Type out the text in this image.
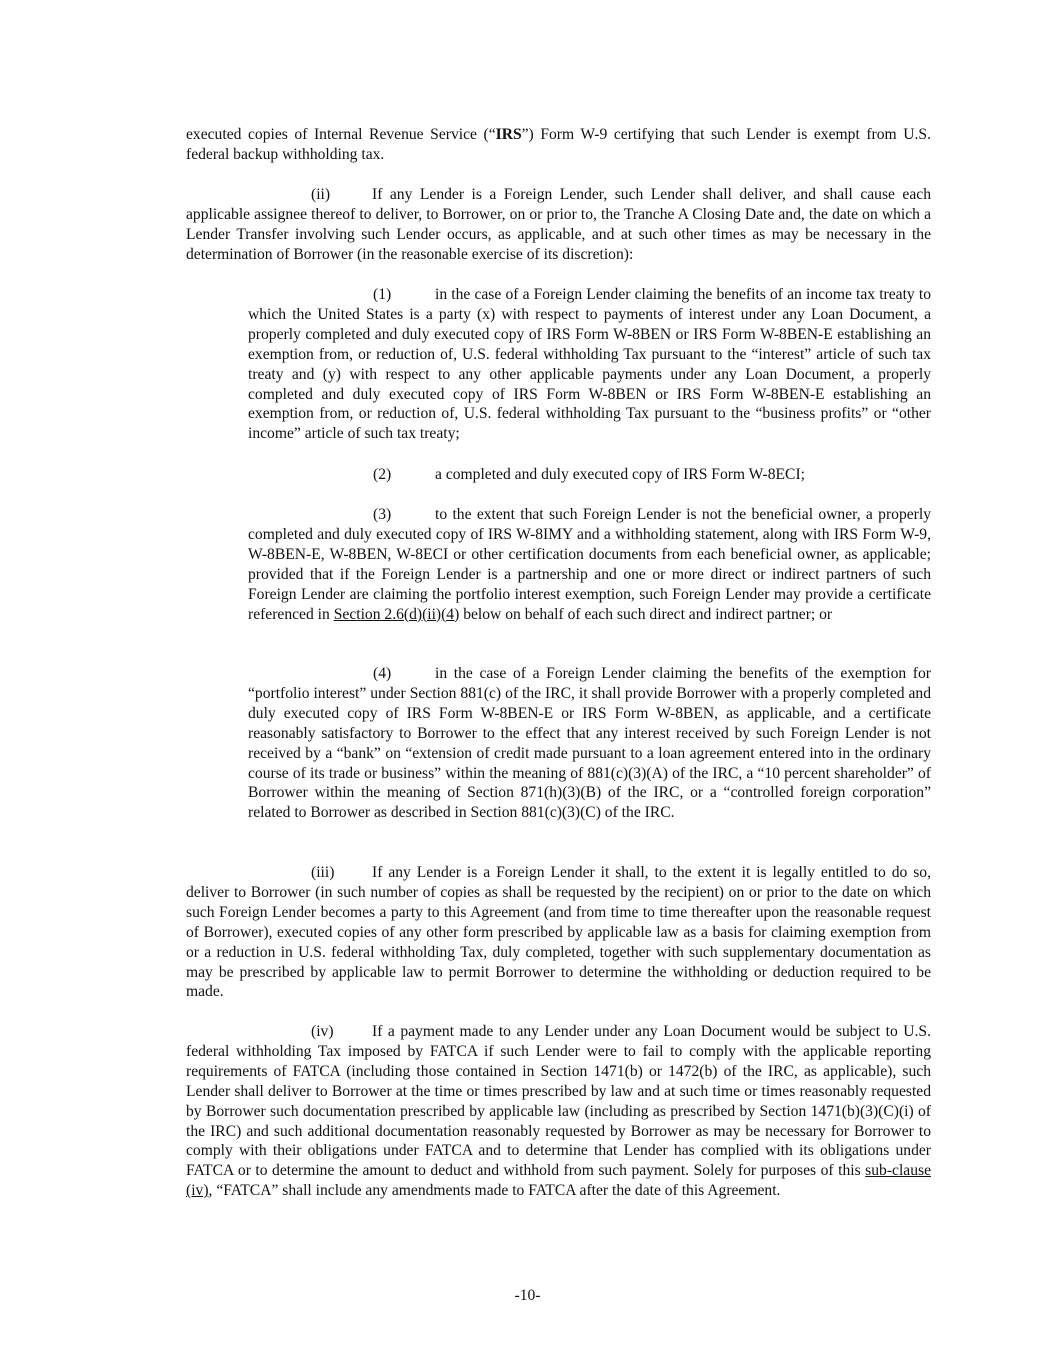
executed copies of Internal Revenue Service (“IRS”) Form W-9 certifying that such Lender is exempt from U.S. federal backup withholding tax.

(ii)	If any Lender is a Foreign Lender, such Lender shall deliver, and shall cause each applicable assignee thereof to deliver, to Borrower, on or prior to, the Tranche A Closing Date and, the date on which a Lender Transfer involving such Lender occurs, as applicable, and at such other times as may be necessary in the determination of Borrower (in the reasonable exercise of its discretion):

(1)	in the case of a Foreign Lender claiming the benefits of an income tax treaty to which the United States is a party (x) with respect to payments of interest under any Loan Document, a properly completed and duly executed copy of IRS Form W-8BEN or IRS Form W-8BEN-E establishing an exemption from, or reduction of, U.S. federal withholding Tax pursuant to the “interest” article of such tax treaty and (y) with respect to any other applicable payments under any Loan Document, a properly completed and duly executed copy of IRS Form W-8BEN or IRS Form W-8BEN-E establishing an exemption from, or reduction of, U.S. federal withholding Tax pursuant to the “business profits” or “other income” article of such tax treaty;

(2)	a completed and duly executed copy of IRS Form W-8ECI;

(3)	to the extent that such Foreign Lender is not the beneficial owner, a properly completed and duly executed copy of IRS W-8IMY and a withholding statement, along with IRS Form W-9, W-8BEN-E, W-8BEN, W-8ECI or other certification documents from each beneficial owner, as applicable; provided that if the Foreign Lender is a partnership and one or more direct or indirect partners of such Foreign Lender are claiming the portfolio interest exemption, such Foreign Lender may provide a certificate referenced in Section 2.6(d)(ii)(4) below on behalf of each such direct and indirect partner; or

(4)	in the case of a Foreign Lender claiming the benefits of the exemption for “portfolio interest” under Section 881(c) of the IRC, it shall provide Borrower with a properly completed and duly executed copy of IRS Form W-8BEN-E or IRS Form W-8BEN, as applicable, and a certificate reasonably satisfactory to Borrower to the effect that any interest received by such Foreign Lender is not received by a “bank” on “extension of credit made pursuant to a loan agreement entered into in the ordinary course of its trade or business” within the meaning of 881(c)(3)(A) of the IRC, a “10 percent shareholder” of Borrower within the meaning of Section 871(h)(3)(B) of the IRC, or a “controlled foreign corporation” related to Borrower as described in Section 881(c)(3)(C) of the IRC.

(iii) If any Lender is a Foreign Lender it shall, to the extent it is legally entitled to do so, deliver to Borrower (in such number of copies as shall be requested by the recipient) on or prior to the date on which such Foreign Lender becomes a party to this Agreement (and from time to time thereafter upon the reasonable request of Borrower), executed copies of any other form prescribed by applicable law as a basis for claiming exemption from or a reduction in U.S. federal withholding Tax, duly completed, together with such supplementary documentation as may be prescribed by applicable law to permit Borrower to determine the withholding or deduction required to be made.

(iv) If a payment made to any Lender under any Loan Document would be subject to U.S. federal withholding Tax imposed by FATCA if such Lender were to fail to comply with the applicable reporting requirements of FATCA (including those contained in Section 1471(b) or 1472(b) of the IRC, as applicable), such Lender shall deliver to Borrower at the time or times prescribed by law and at such time or times reasonably requested by Borrower such documentation prescribed by applicable law (including as prescribed by Section 1471(b)(3)(C)(i) of the IRC) and such additional documentation reasonably requested by Borrower as may be necessary for Borrower to comply with their obligations under FATCA and to determine that Lender has complied with its obligations under FATCA or to determine the amount to deduct and withhold from such payment. Solely for purposes of this sub-clause (iv), “FATCA” shall include any amendments made to FATCA after the date of this Agreement.

-10-
